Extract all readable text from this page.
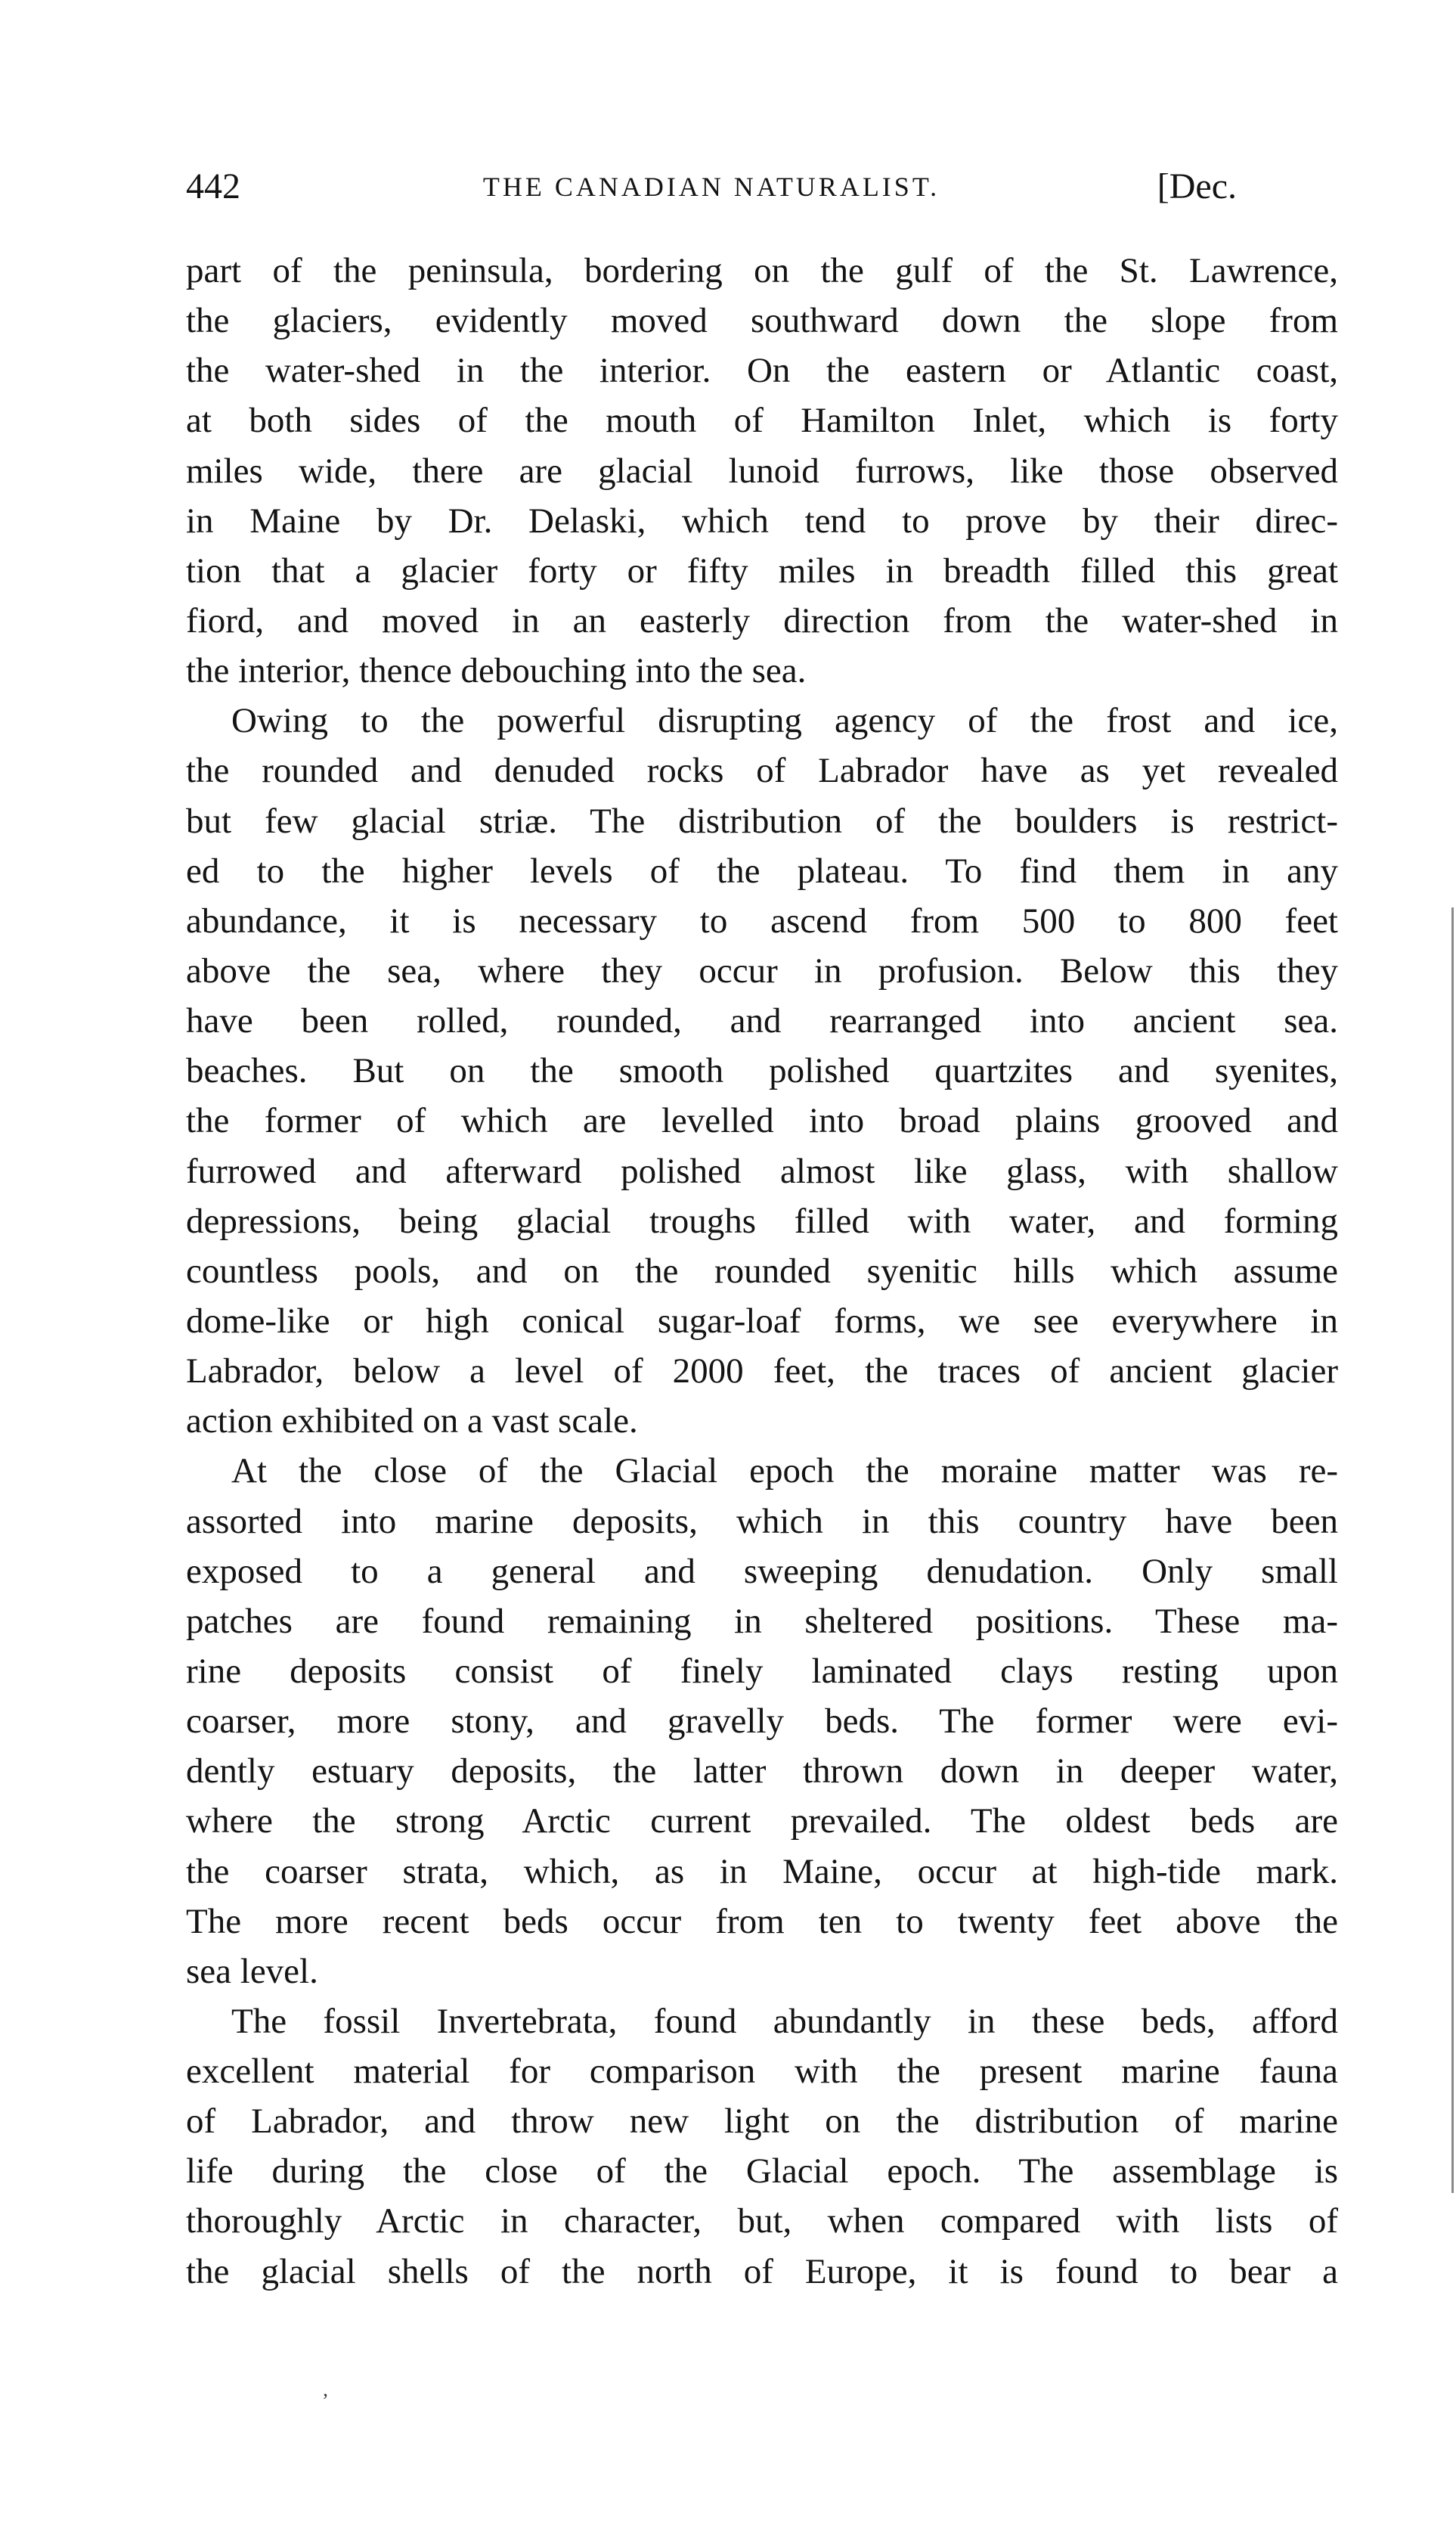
442	THE CANADIAN NATURALIST.	[Dec.
part of the peninsula, bordering on the gulf of the St. Lawrence,
the glaciers, evidently moved southward down the slope from
the water-shed in the interior. On the eastern or Atlantic coast,
at both sides of the mouth of Hamilton Inlet, which is forty
miles wide, there are glacial lunoid furrows, like those observed
in Maine by Dr. Delaski, which tend to prove by their direc-
tion that a glacier forty or fifty miles in breadth filled this great
fiord, and moved in an easterly direction from the water-shed in
the interior, thence debouching into the sea.
Owing to the powerful disrupting agency of the frost and ice,
the rounded and denuded rocks of Labrador have as yet revealed
but few glacial striæ. The distribution of the boulders is restrict-
ed to the higher levels of the plateau. To find them in any
abundance, it is necessary to ascend from 500 to 800 feet
above the sea, where they occur in profusion. Below this they
have been rolled, rounded, and rearranged into ancient sea.
beaches. But on the smooth polished quartzites and syenites,
the former of which are levelled into broad plains grooved and
furrowed and afterward polished almost like glass, with shallow
depressions, being glacial troughs filled with water, and forming
countless pools, and on the rounded syenitic hills which assume
dome-like or high conical sugar-loaf forms, we see everywhere in
Labrador, below a level of 2000 feet, the traces of ancient glacier
action exhibited on a vast scale.
At the close of the Glacial epoch the moraine matter was re-
assorted into marine deposits, which in this country have been
exposed to a general and sweeping denudation. Only small
patches are found remaining in sheltered positions. These ma-
rine deposits consist of finely laminated clays resting upon
coarser, more stony, and gravelly beds. The former were evi-
dently estuary deposits, the latter thrown down in deeper water,
where the strong Arctic current prevailed. The oldest beds are
the coarser strata, which, as in Maine, occur at high-tide mark.
The more recent beds occur from ten to twenty feet above the
sea level.
The fossil Invertebrata, found abundantly in these beds, afford
excellent material for comparison with the present marine fauna
of Labrador, and throw new light on the distribution of marine
life during the close of the Glacial epoch. The assemblage is
thoroughly Arctic in character, but, when compared with lists of
the glacial shells of the north of Europe, it is found to bear a
’
